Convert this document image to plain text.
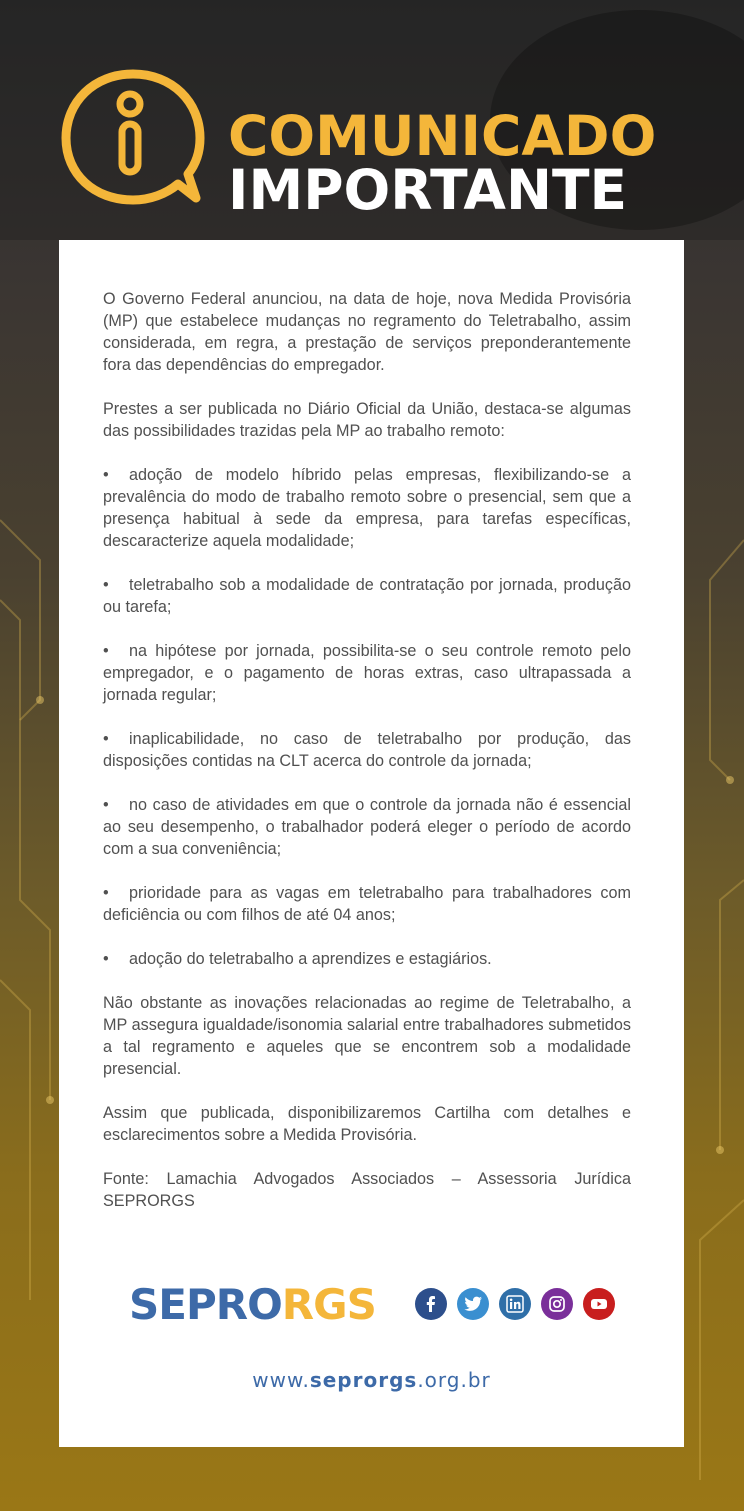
COMUNICADO
IMPORTANTE

O Governo Federal anunciou, na data de hoje, nova Medida Provisória (MP) que estabelece mudanças no regramento do Teletrabalho, assim considerada, em regra, a prestação de serviços preponderantemente fora das dependências do empregador.

Prestes a ser publicada no Diário Oficial da União, destaca-se algumas das possibilidades trazidas pela MP ao trabalho remoto:

• adoção de modelo híbrido pelas empresas, flexibilizando-se a prevalência do modo de trabalho remoto sobre o presencial, sem que a presença habitual à sede da empresa, para tarefas específicas, descaracterize aquela modalidade;

• teletrabalho sob a modalidade de contratação por jornada, produção ou tarefa;

• na hipótese por jornada, possibilita-se o seu controle remoto pelo empregador, e o pagamento de horas extras, caso ultrapassada a jornada regular;

• inaplicabilidade, no caso de teletrabalho por produção, das disposições contidas na CLT acerca do controle da jornada;

• no caso de atividades em que o controle da jornada não é essencial ao seu desempenho, o trabalhador poderá eleger o período de acordo com a sua conveniência;

• prioridade para as vagas em teletrabalho para trabalhadores com deficiência ou com filhos de até 04 anos;

• adoção do teletrabalho a aprendizes e estagiários.

Não obstante as inovações relacionadas ao regime de Teletrabalho, a MP assegura igualdade/isonomia salarial entre trabalhadores submetidos a tal regramento e aqueles que se encontrem sob a modalidade presencial.

Assim que publicada, disponibilizaremos Cartilha com detalhes e esclarecimentos sobre a Medida Provisória.

Fonte: Lamachia Advogados Associados – Assessoria Jurídica SEPRORGS

SEPRORGS
www.seprorgs.org.br
